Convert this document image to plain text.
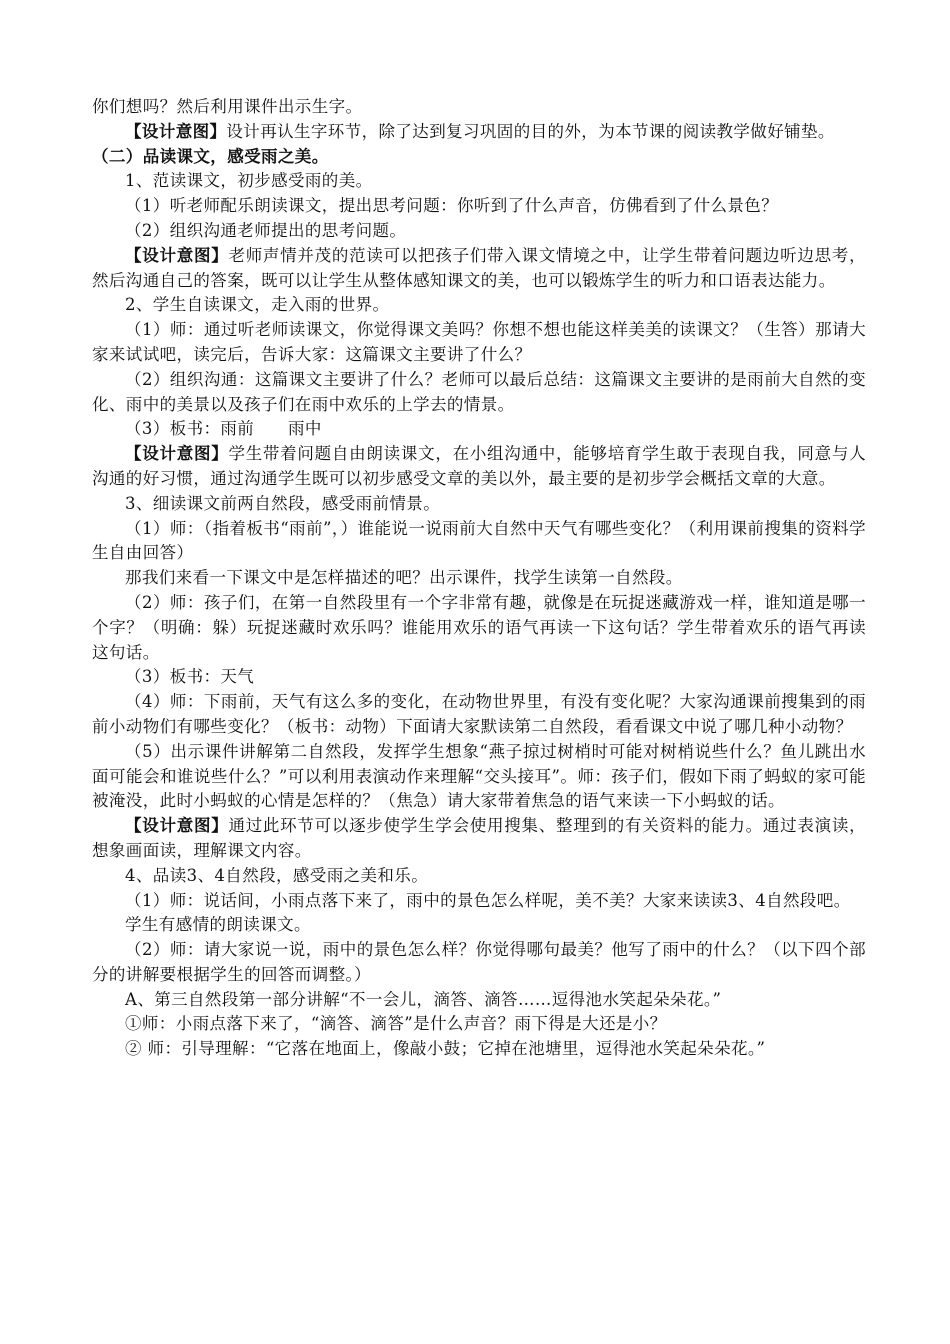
你们想吗？然后利用课件出示生字。

【设计意图】设计再认生字环节，除了达到复习巩固的目的外，为本节课的阅读教学做好铺垫。

（二）品读课文，感受雨之美。

1、范读课文，初步感受雨的美。

（1）听老师配乐朗读课文，提出思考问题：你听到了什么声音，仿佛看到了什么景色？

（2）组织沟通老师提出的思考问题。

【设计意图】老师声情并茂的范读可以把孩子们带入课文情境之中，让学生带着问题边听边思考，然后沟通自己的答案，既可以让学生从整体感知课文的美，也可以锻炼学生的听力和口语表达能力。

2、学生自读课文，走入雨的世界。

（1）师：通过听老师读课文，你觉得课文美吗？你想不想也能这样美美的读课文？（生答）那请大家来试试吧，读完后，告诉大家：这篇课文主要讲了什么？

（2）组织沟通：这篇课文主要讲了什么？老师可以最后总结：这篇课文主要讲的是雨前大自然的变化、雨中的美景以及孩子们在雨中欢乐的上学去的情景。

（3）板书：雨前　　雨中

【设计意图】学生带着问题自由朗读课文，在小组沟通中，能够培育学生敢于表现自我，同意与人沟通的好习惯，通过沟通学生既可以初步感受文章的美以外，最主要的是初步学会概括文章的大意。

3、细读课文前两自然段，感受雨前情景。

（1）师：（指着板书“雨前”，）谁能说一说雨前大自然中天气有哪些变化？（利用课前搜集的资料学生自由回答）

那我们来看一下课文中是怎样描述的吧？出示课件，找学生读第一自然段。

（2）师：孩子们，在第一自然段里有一个字非常有趣，就像是在玩捉迷藏游戏一样，谁知道是哪一个字？（明确：躲）玩捉迷藏时欢乐吗？谁能用欢乐的语气再读一下这句话？学生带着欢乐的语气再读这句话。

（3）板书：天气

（4）师：下雨前，天气有这么多的变化，在动物世界里，有没有变化呢？大家沟通课前搜集到的雨前小动物们有哪些变化？（板书：动物）下面请大家默读第二自然段，看看课文中说了哪几种小动物？

（5）出示课件讲解第二自然段，发挥学生想象“燕子掠过树梢时可能对树梢说些什么？鱼儿跳出水面可能会和谁说些什么？”可以利用表演动作来理解“交头接耳”。师：孩子们，假如下雨了蚂蚁的家可能被淹没，此时小蚂蚁的心情是怎样的？（焦急）请大家带着焦急的语气来读一下小蚂蚁的话。

【设计意图】通过此环节可以逐步使学生学会使用搜集、整理到的有关资料的能力。通过表演读，想象画面读，理解课文内容。

4、品读3、4自然段，感受雨之美和乐。

（1）师：说话间，小雨点落下来了，雨中的景色怎么样呢，美不美？大家来读读3、4自然段吧。

学生有感情的朗读课文。

（2）师：请大家说一说，雨中的景色怎么样？你觉得哪句最美？他写了雨中的什么？（以下四个部分的讲解要根据学生的回答而调整。）

A、第三自然段第一部分讲解“不一会儿，滴答、滴答……逗得池水笑起朵朵花。”

①师：小雨点落下来了，“滴答、滴答”是什么声音？雨下得是大还是小？

② 师：引导理解：“它落在地面上，像敲小鼓；它掉在池塘里，逗得池水笑起朵朵花。”
